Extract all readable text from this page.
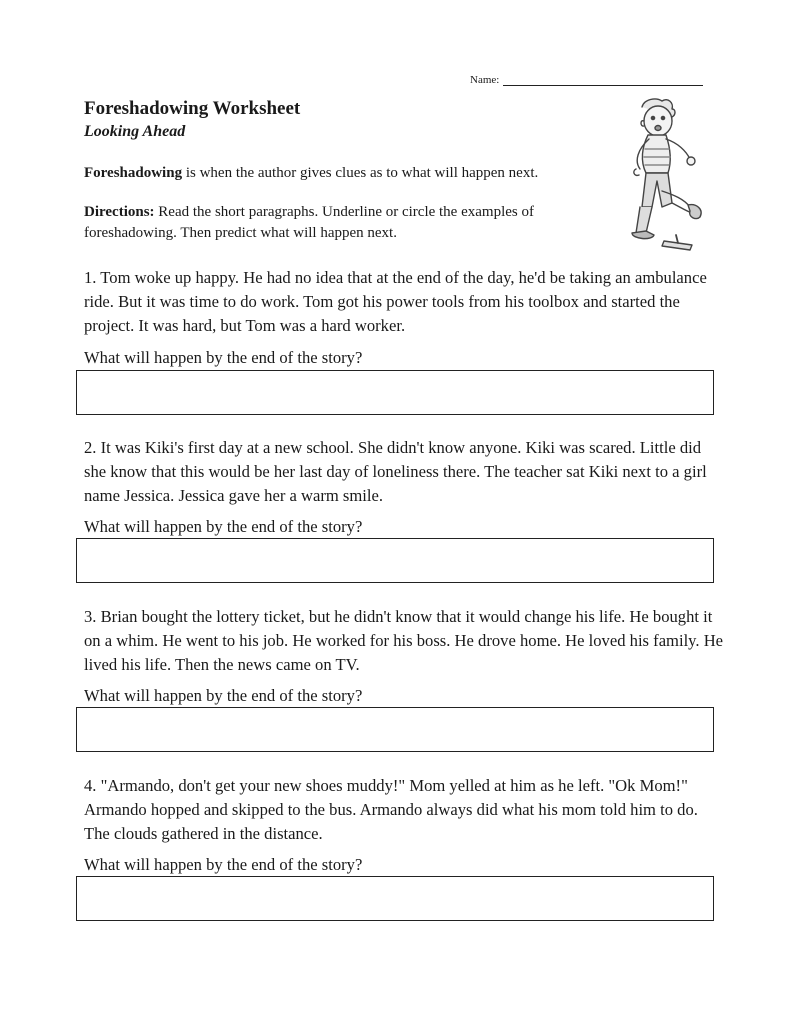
Name:
Foreshadowing Worksheet
Looking Ahead

Foreshadowing is when the author gives clues as to what will happen next.

Directions: Read the short paragraphs. Underline or circle the examples of foreshadowing. Then predict what will happen next.

1. Tom woke up happy. He had no idea that at the end of the day, he'd be taking an ambulance ride. But it was time to do work. Tom got his power tools from his toolbox and started the project. It was hard, but Tom was a hard worker.

What will happen by the end of the story?

2. It was Kiki's first day at a new school. She didn't know anyone. Kiki was scared. Little did she know that this would be her last day of loneliness there. The teacher sat Kiki next to a girl name Jessica. Jessica gave her a warm smile.

What will happen by the end of the story?

3. Brian bought the lottery ticket, but he didn't know that it would change his life. He bought it on a whim. He went to his job. He worked for his boss. He drove home. He loved his family. He lived his life. Then the news came on TV.

What will happen by the end of the story?

4. "Armando, don't get your new shoes muddy!" Mom yelled at him as he left. "Ok Mom!" Armando hopped and skipped to the bus. Armando always did what his mom told him to do. The clouds gathered in the distance.

What will happen by the end of the story?
